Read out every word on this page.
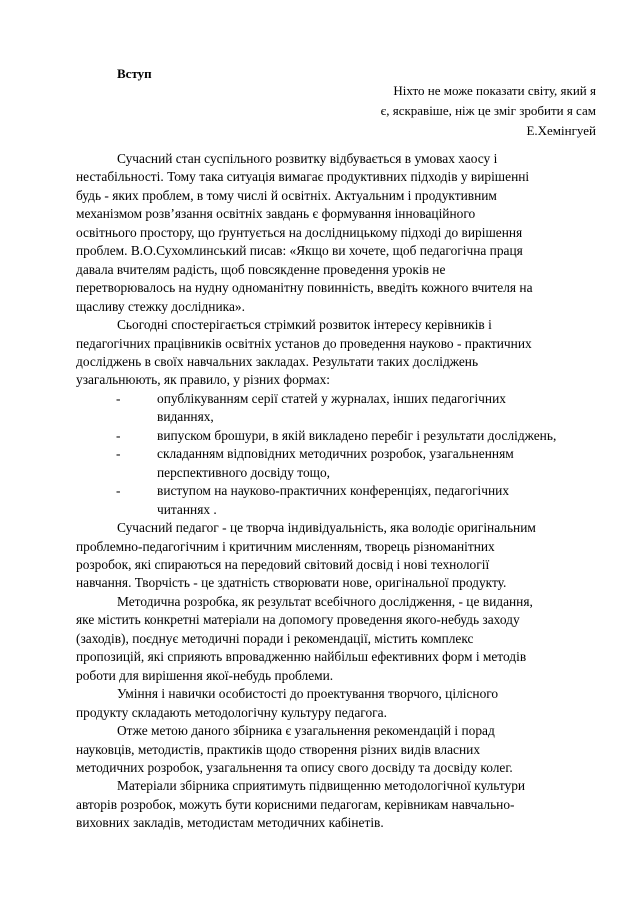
Вступ

Ніхто не може показати світу, який я

є, яскравіше, ніж це зміг зробити я сам

Е.Хемінгуей

Сучасний стан суспільного розвитку відбувається в умовах хаосу і
нестабільності. Тому така ситуація вимагає продуктивних підходів у вирішенні
будь - яких проблем, в тому числі й освітніх. Актуальним і продуктивним
механізмом розв’язання освітніх завдань є формування інноваційного
освітнього простору, що ґрунтується на дослідницькому підході до вирішення
проблем. В.О.Сухомлинський писав: «Якщо ви хочете, щоб педагогічна праця
давала вчителям радість, щоб повсякденне проведення уроків не
перетворювалось на нудну одноманітну повинність, введіть кожного вчителя на
щасливу стежку дослідника».

Сьогодні спостерігається стрімкий розвиток інтересу керівників і
педагогічних працівників освітніх установ до проведення науково - практичних
досліджень в своїх навчальних закладах. Результати таких досліджень
узагальнюють, як правило, у різних формах:

-	опублікуванням серії статей у журналах, інших педагогічних
виданнях,
-	випуском брошури, в якій викладено перебіг і результати досліджень,
-	складанням відповідних методичних розробок, узагальненням
перспективного досвіду тощо,
-	виступом на науково-практичних конференціях, педагогічних
читаннях .

Сучасний педагог - це творча індивідуальність, яка володіє оригінальним
проблемно-педагогічним і критичним мисленням, творець різноманітних
розробок, які спираються на передовий світовий досвід і нові технології
навчання. Творчість - це здатність створювати нове, оригінальної продукту.

Методична розробка, як результат всебічного дослідження, - це видання,
яке містить конкретні матеріали на допомогу проведення якого-небудь заходу
(заходів), поєднує методичні поради і рекомендації, містить комплекс
пропозицій, які сприяють впровадженню найбільш ефективних форм і методів
роботи для вирішення якої-небудь проблеми.

Уміння і навички особистості до проектування творчого, цілісного
продукту складають методологічну культуру педагога.

Отже метою даного збірника є узагальнення рекомендацій і порад
науковців, методистів, практиків щодо створення різних видів власних
методичних розробок, узагальнення та опису свого досвіду та досвіду колег.

Матеріали збірника сприятимуть підвищенню методологічної культури
авторів розробок, можуть бути корисними педагогам, керівникам навчально-
виховних закладів, методистам методичних кабінетів.
